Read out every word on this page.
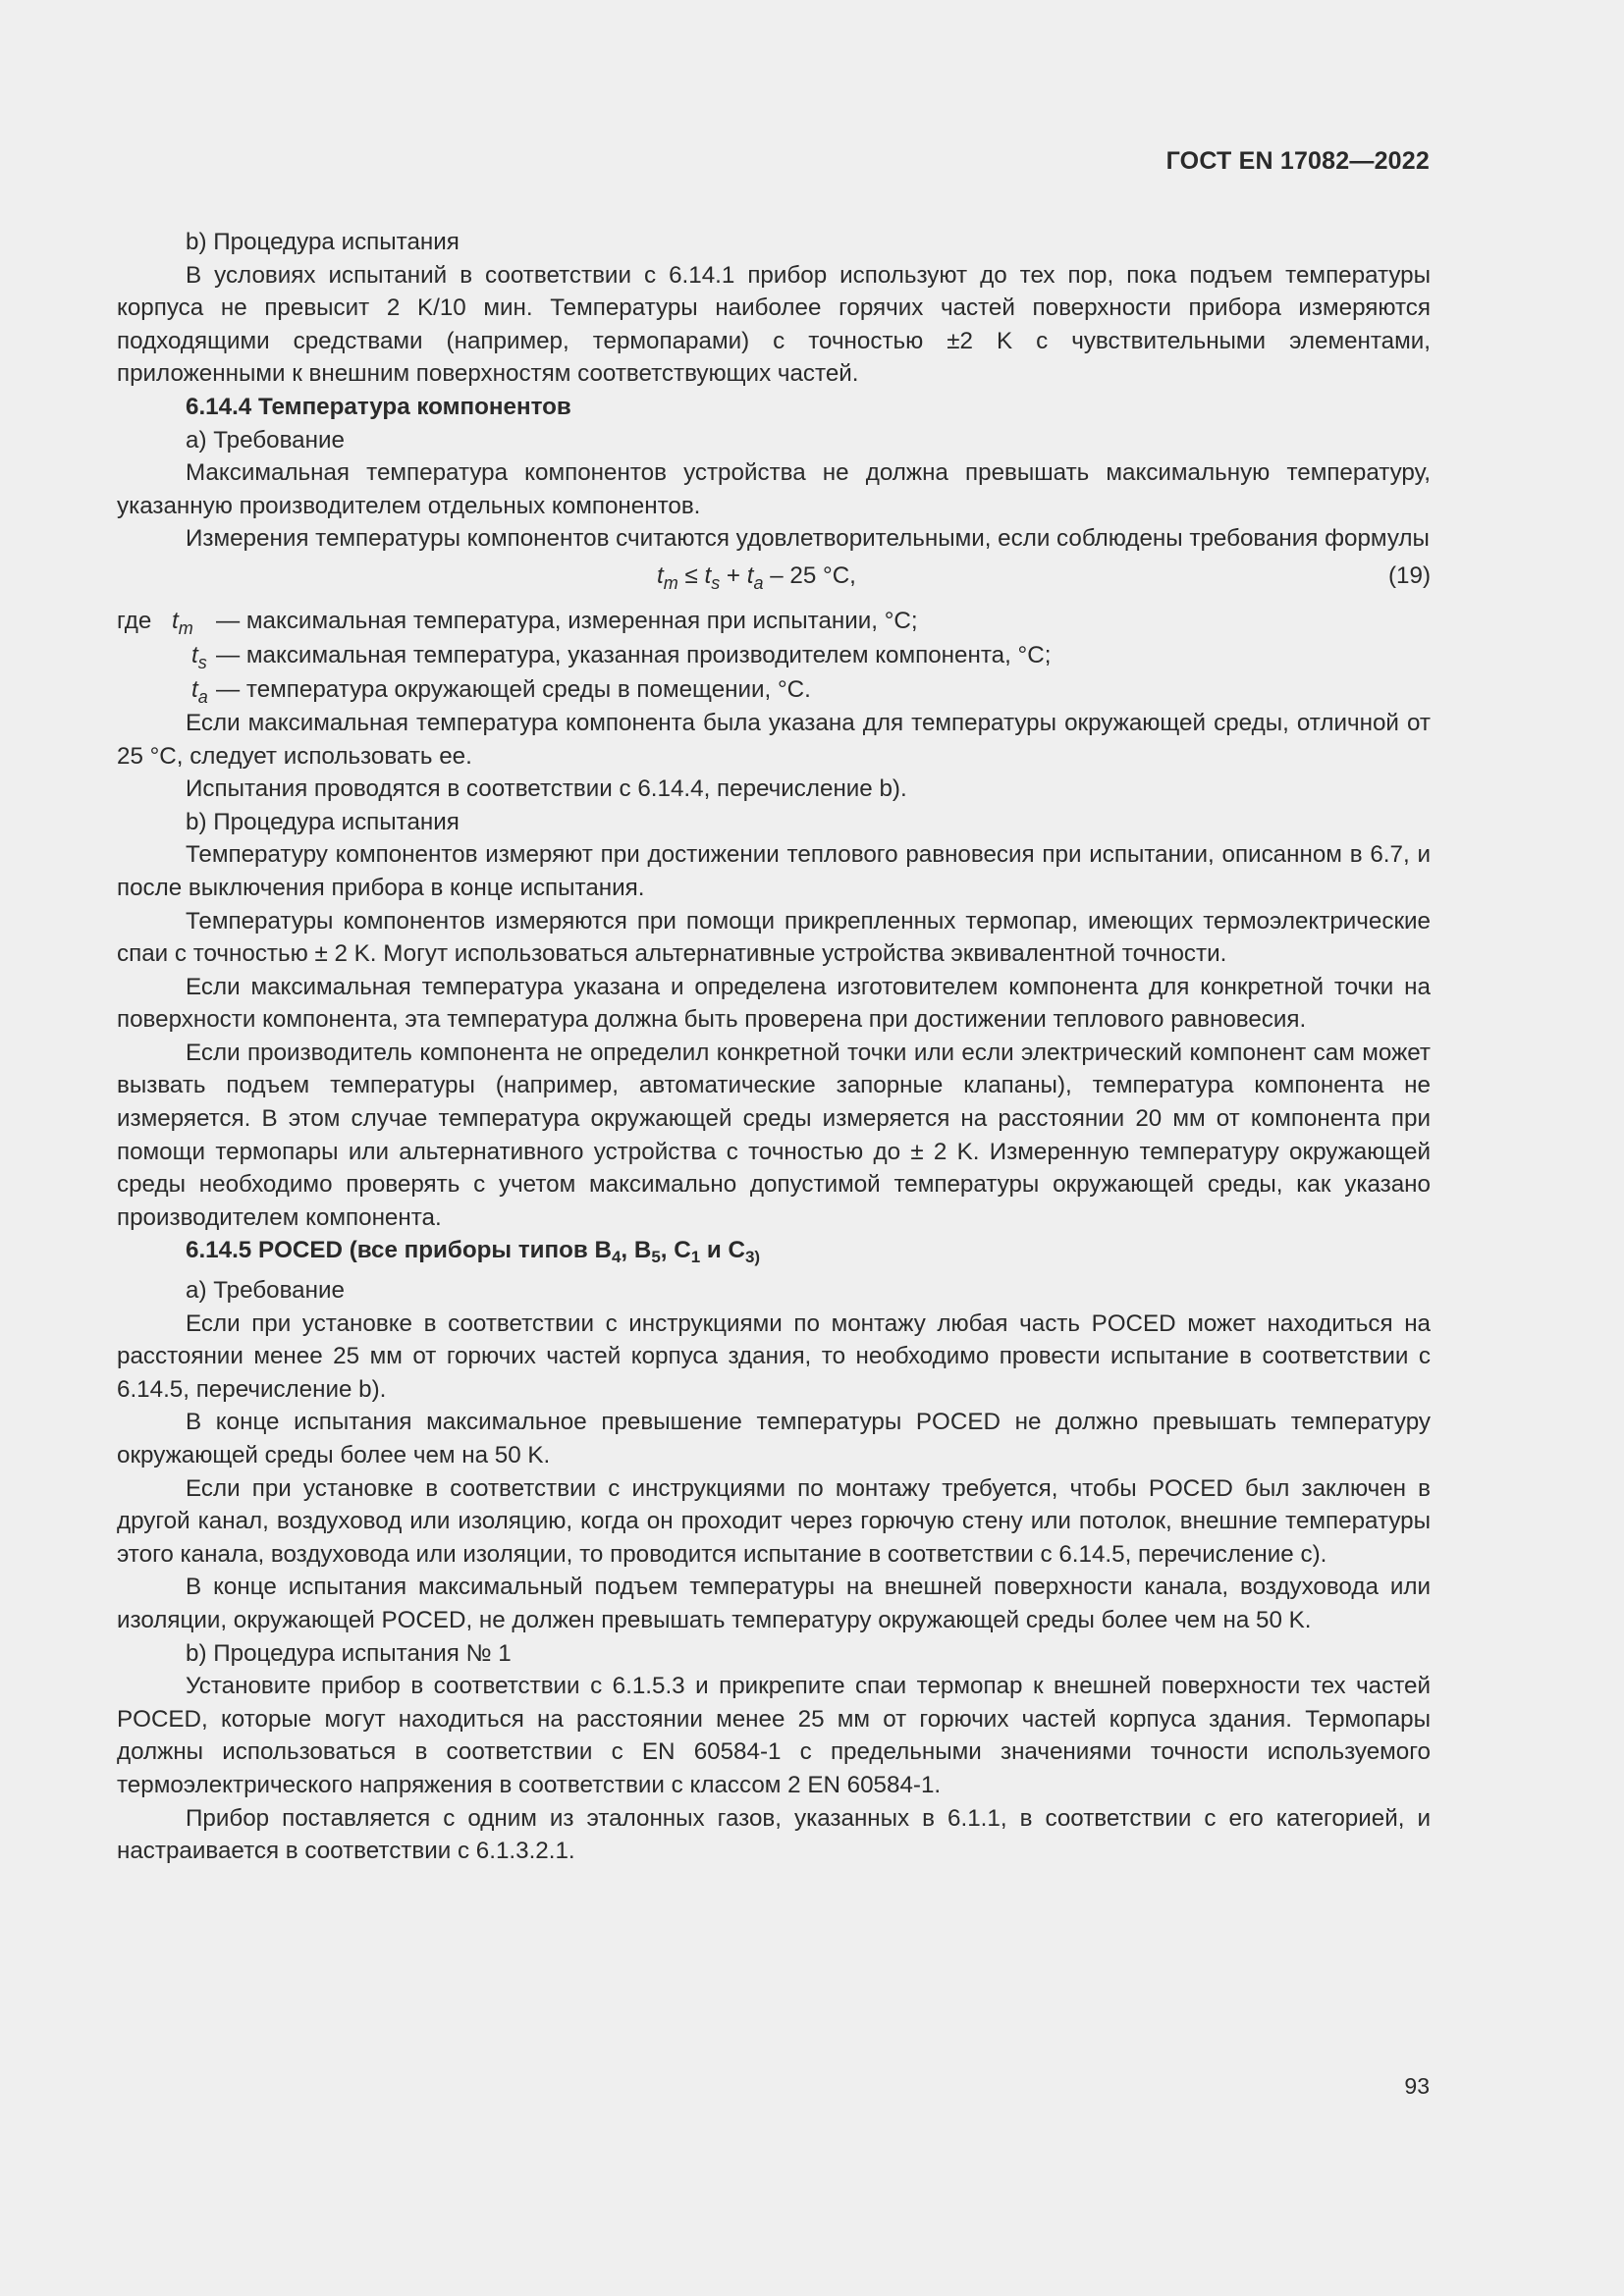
ГОСТ EN 17082—2022

b) Процедура испытания

В условиях испытаний в соответствии с 6.14.1 прибор используют до тех пор, пока подъем температуры корпуса не превысит 2 K/10 мин. Температуры наиболее горячих частей поверхности прибора измеряются подходящими средствами (например, термопарами) с точностью ±2 K с чувствительными элементами, приложенными к внешним поверхностям соответствующих частей.

6.14.4 Температура компонентов

a) Требование

Максимальная температура компонентов устройства не должна превышать максимальную температуру, указанную производителем отдельных компонентов.

Измерения температуры компонентов считаются удовлетворительными, если соблюдены требования формулы

$t_m \le t_s + t_a - 25$ °C,	(19)
где $t_m$ — максимальная температура, измеренная при испытании, °C;
$t_s$ — максимальная температура, указанная производителем компонента, °C;
$t_a$ — температура окружающей среды в помещении, °C.

Если максимальная температура компонента была указана для температуры окружающей среды, отличной от 25 °C, следует использовать ее.

Испытания проводятся в соответствии с 6.14.4, перечисление b).

b) Процедура испытания

Температуру компонентов измеряют при достижении теплового равновесия при испытании, описанном в 6.7, и после выключения прибора в конце испытания.

Температуры компонентов измеряются при помощи прикрепленных термопар, имеющих термоэлектрические спаи с точностью ± 2 K. Могут использоваться альтернативные устройства эквивалентной точности.

Если максимальная температура указана и определена изготовителем компонента для конкретной точки на поверхности компонента, эта температура должна быть проверена при достижении теплового равновесия.

Если производитель компонента не определил конкретной точки или если электрический компонент сам может вызвать подъем температуры (например, автоматические запорные клапаны), температура компонента не измеряется. В этом случае температура окружающей среды измеряется на расстоянии 20 мм от компонента при помощи термопары или альтернативного устройства с точностью до ± 2 K. Измеренную температуру окружающей среды необходимо проверять с учетом максимально допустимой температуры окружающей среды, как указано производителем компонента.

6.14.5 POCED (все приборы типов $B_4$, $B_5$, $C_1$ и $C_{3)}$

a) Требование

Если при установке в соответствии с инструкциями по монтажу любая часть POCED может находиться на расстоянии менее 25 мм от горючих частей корпуса здания, то необходимо провести испытание в соответствии с 6.14.5, перечисление b).

В конце испытания максимальное превышение температуры POCED не должно превышать температуру окружающей среды более чем на 50 K.

Если при установке в соответствии с инструкциями по монтажу требуется, чтобы POCED был заключен в другой канал, воздуховод или изоляцию, когда он проходит через горючую стену или потолок, внешние температуры этого канала, воздуховода или изоляции, то проводится испытание в соответствии с 6.14.5, перечисление c).

В конце испытания максимальный подъем температуры на внешней поверхности канала, воздуховода или изоляции, окружающей POCED, не должен превышать температуру окружающей среды более чем на 50 K.

b) Процедура испытания № 1

Установите прибор в соответствии с 6.1.5.3 и прикрепите спаи термопар к внешней поверхности тех частей POCED, которые могут находиться на расстоянии менее 25 мм от горючих частей корпуса здания. Термопары должны использоваться в соответствии с EN 60584-1 с предельными значениями точности используемого термоэлектрического напряжения в соответствии с классом 2 EN 60584-1.

Прибор поставляется с одним из эталонных газов, указанных в 6.1.1, в соответствии с его категорией, и настраивается в соответствии с 6.1.3.2.1.

93
